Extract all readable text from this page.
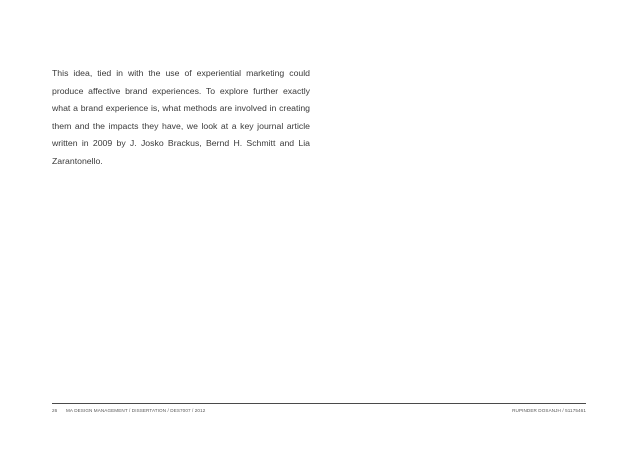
This idea, tied in with the use of experiential marketing could produce affective brand experiences. To explore further exactly what a brand experience is, what methods are involved in creating them and the impacts they have, we look at a key journal article written in 2009 by J. Josko Brackus, Bernd H. Schmitt and Lia Zarantonello.

26 MA DESIGN MANAGEMENT / DISSERTATION / DES7007 / 2012	RUPINDER DOSANJH / 51175461
